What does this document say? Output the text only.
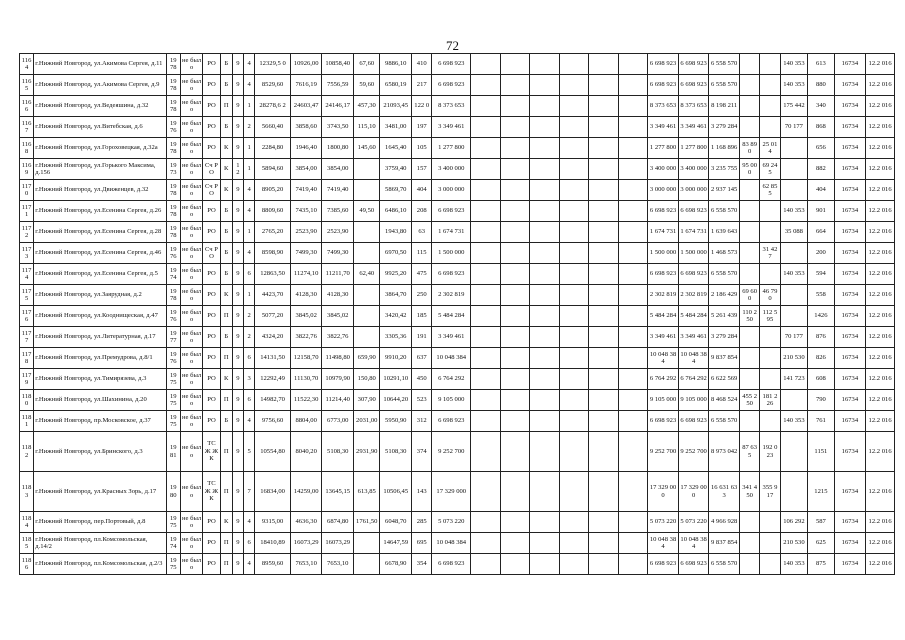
72
116 4	г.Нижний Новгород, ул.Акимова Сергея, д.11	19 78	не было	РО	Б	9	4	12329,5 0	10926,00	10858,40	67,60	9886,10	410	6 698 923							6 698 923	6 698 923	6 558 570			140 353	613	16734	12.2 016
116 5	г.Нижний Новгород, ул.Акимова Сергея, д.9	19 78	не было	РО	Б	9	4	8529,60	7616,19	7556,59	59,60	6580,19	217	6 698 923							6 698 923	6 698 923	6 558 570			140 353	880	16734	12.2 016
116 6	г.Нижний Новгород, ул.Ведеяшина, д.32	19 78	не было	РО	П	9	1	28278,6 2	24603,47	24146,17	457,30	21093,45	122 0	8 373 653							8 373 653	8 373 653	8 198 211			175 442	340	16734	12.2 016
116 7	г.Нижний Новгород, ул.Витебская, д.6	19 76	не было	РО	Б	9	2	5660,40	3858,60	3743,50	115,10	3481,00	197	3 349 461							3 349 461	3 349 461	3 279 284			70 177	868	16734	12.2 016
116 8	г.Нижний Новгород, ул.Гороховецкая, д.32а	19 78	не было	РО	К	9	1	2284,80	1946,40	1800,80	145,60	1645,40	105	1 277 800							1 277 800	1 277 800	1 168 896	83 890	25 014		656	16734	12.2 016
116 9	г.Нижний Новгород, ул.Горького Максима, д.156	19 73	не было	Сч РО	К	1 2	1	5894,60	3854,00	3854,00		3759,40	157	3 400 000							3 400 000	3 400 000	3 235 755	95 000	69 245		882	16734	12.2 016
117 0	г.Нижний Новгород, ул.Движенцев, д.32	19 78	не было	Сч РО	К	9	4	8905,20	7419,40	7419,40		5869,70	404	3 000 000							3 000 000	3 000 000	2 937 145		62 855		404	16734	12.2 016
117 1	г.Нижний Новгород, ул.Есенина Сергея, д.26	19 78	не было	РО	Б	9	4	8809,60	7435,10	7385,60	49,50	6486,10	208	6 698 923							6 698 923	6 698 923	6 558 570			140 353	901	16734	12.2 016
117 2	г.Нижний Новгород, ул.Есенина Сергея, д.28	19 78	не было	РО	Б	9	1	2765,20	2523,90	2523,90		1943,80	63	1 674 731							1 674 731	1 674 731	1 639 643			35 088	664	16734	12.2 016
117 3	г.Нижний Новгород, ул.Есенина Сергея, д.46	19 76	не было	Сч РО	Б	9	4	8598,90	7499,30	7499,30		6970,50	115	1 500 000							1 500 000	1 500 000	1 468 573		31 427		200	16734	12.2 016
117 4	г.Нижний Новгород, ул.Есенина Сергея, д.5	19 74	не было	РО	Б	9	6	12863,50	11274,10	11211,70	62,40	9925,20	475	6 698 923							6 698 923	6 698 923	6 558 570			140 353	594	16734	12.2 016
117 5	г.Нижний Новгород, ул.Заярудная, д.2	19 78	не было	РО	К	9	1	4423,70	4128,30	4128,30		3864,70	250	2 302 819							2 302 819	2 302 819	2 186 429	69 600	46 790		558	16734	12.2 016
117 6	г.Нижний Новгород, ул.Кооднищеская, д.47	19 76	не было	РО	П	9	2	5077,20	3845,02	3845,02		3420,42	185	5 484 284							5 484 284	5 484 284	5 261 439	110 250	112 595		1426	16734	12.2 016
117 7	г.Нижний Новгород, ул.Литературная, д.17	19 77	не было	РО	Б	9	2	4324,20	3822,76	3822,76		3305,36	191	3 349 461							3 349 461	3 349 461	3 279 284			70 177	876	16734	12.2 016
117 8	г.Нижний Новгород, ул.Премудрова, д.8/1	19 76	не было	РО	П	9	6	14131,50	12158,70	11498,80	659,90	9910,20	637	10 048 384							10 048 384	10 048 384	9 837 854			210 530	826	16734	12.2 016
117 9	г.Нижний Новгород, ул.Тимирязева, д.3	19 75	не было	РО	К	9	3	12292,49	11130,70	10979,90	150,80	10291,10	450	6 764 292							6 764 292	6 764 292	6 622 569			141 723	608	16734	12.2 016
118 0	г.Нижний Новгород, ул.Шахинина, д.20	19 75	не было	РО	П	9	6	14982,70	11522,30	11214,40	307,90	10644,20	523	9 105 000							9 105 000	9 105 000	8 468 524	455 250	181 226		790	16734	12.2 016
118 1	г.Нижний Новгород, пр.Московское, д.37	19 75	не было	РО	Б	9	4	9756,60	8804,00	6773,00	2031,00	5950,90	312	6 698 923							6 698 923	6 698 923	6 558 570			140 353	761	16734	12.2 016
118 2	г.Нижний Новгород, ул.Бринского, д.3	19 81	не было	ТС Ж Ж К	П	9	5	10554,80	8040,20	5108,30	2931,90	5108,30	374	9 252 700							9 252 700	9 252 700	8 973 042	87 635	192 023		1151	16734	12.2 016
118 3	г.Нижний Новгород, ул.Красных Зорь, д.17	19 80	не было	ТС Ж Ж К	П	9	7	16834,00	14259,00	13645,15	613,85	10506,45	143	17 329 000							17 329 000	17 329 000	16 631 633	341 450	355 917		1215	16734	12.2 016
118 4	г.Нижний Новгород, пер.Портовый, д.8	19 75	не было	РО	К	9	4	9315,00	4636,30	6874,80	1761,50	6048,70	285	5 073 220							5 073 220	5 073 220	4 966 928			106 292	587	16734	12.2 016
118 5	г.Нижний Новгород, пл.Комсомольская, д.14/2	19 74	не было	РО	П	9	6	18410,89	16073,29	16073,29		14647,59	695	10 048 384							10 048 384	10 048 384	9 837 854			210 530	625	16734	12.2 016
118 6	г.Нижний Новгород, пл.Комсомольская, д.2/3	19 75	не было	РО	П	9	4	8959,60	7653,10	7653,10		6678,90	354	6 698 923							6 698 923	6 698 923	6 558 570			140 353	875	16734	12.2 016
